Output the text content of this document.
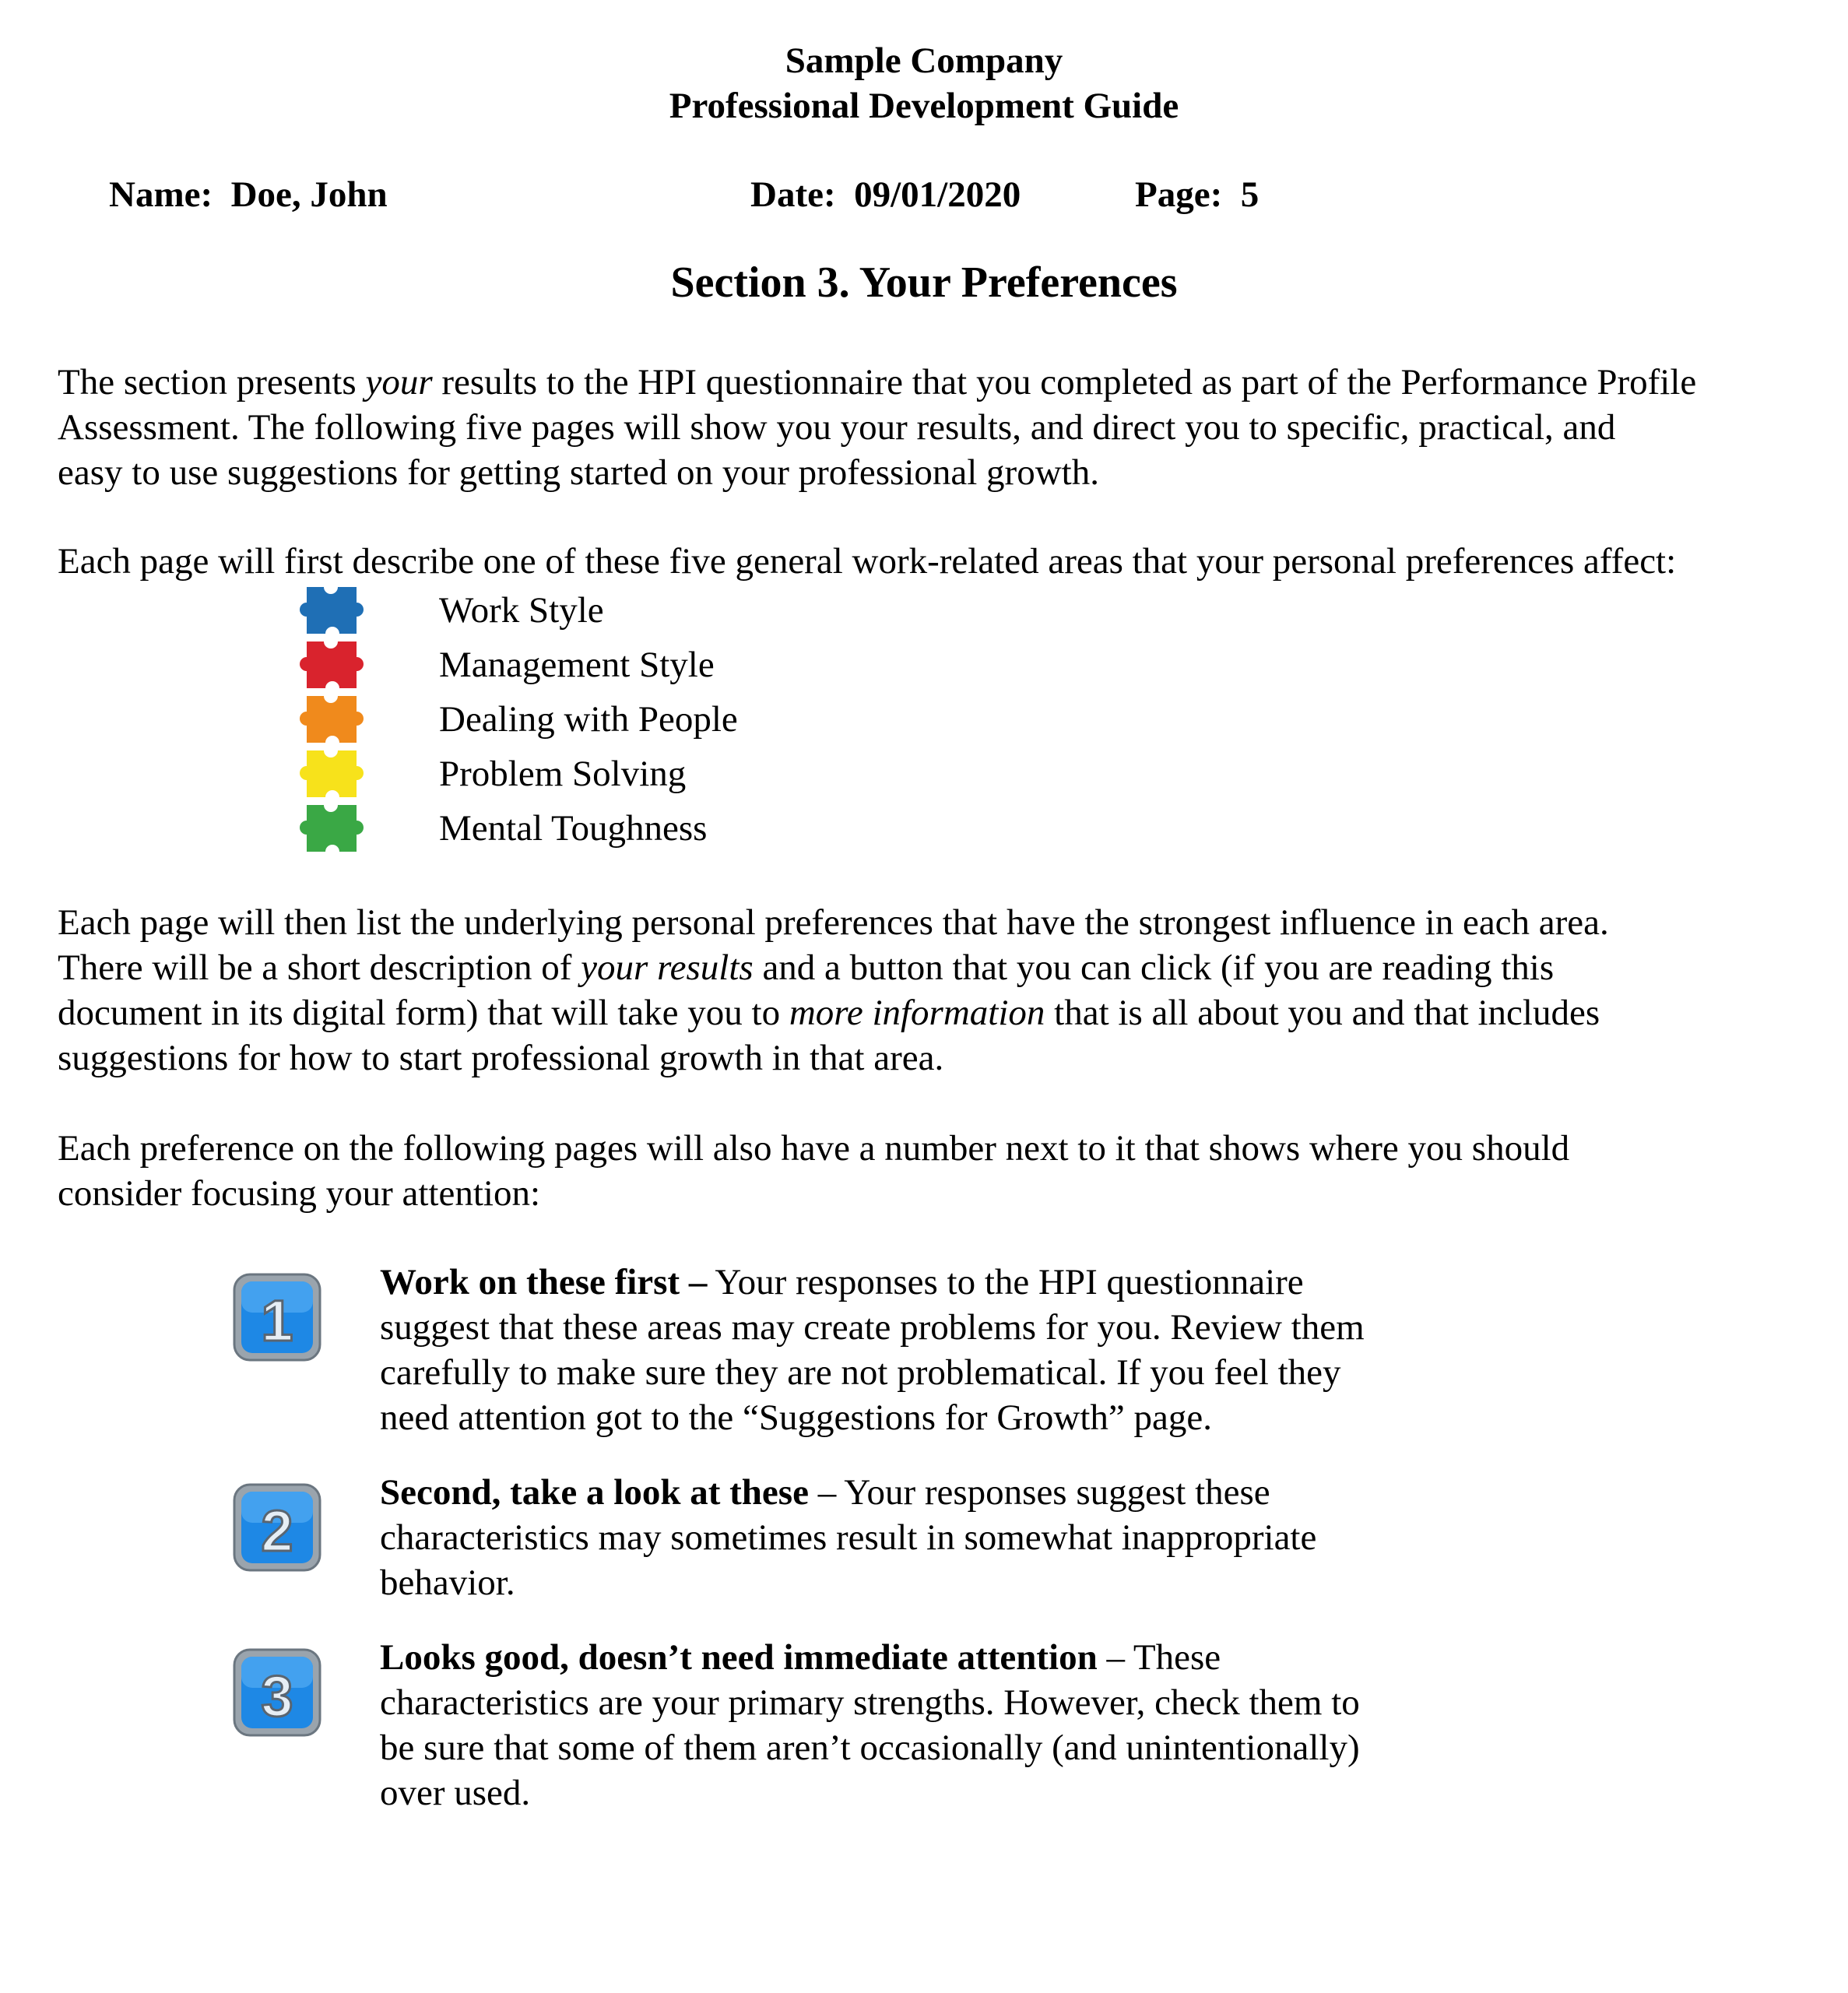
Sample Company
Professional Development Guide
Name: Doe, John	Date: 09/01/2020	Page: 5
Section 3. Your Preferences
The section presents your results to the HPI questionnaire that you completed as part of the Performance Profile
Assessment. The following five pages will show you your results, and direct you to specific, practical, and
easy to use suggestions for getting started on your professional growth.
Each page will first describe one of these five general work-related areas that your personal preferences affect:
Work Style
Management Style
Dealing with People
Problem Solving
Mental Toughness
Each page will then list the underlying personal preferences that have the strongest influence in each area.
There will be a short description of your results and a button that you can click (if you are reading this
document in its digital form) that will take you to more information that is all about you and that includes
suggestions for how to start professional growth in that area.
Each preference on the following pages will also have a number next to it that shows where you should
consider focusing your attention:
1
Work on these first – Your responses to the HPI questionnaire
suggest that these areas may create problems for you. Review them
carefully to make sure they are not problematical. If you feel they
need attention got to the “Suggestions for Growth” page.
2
Second, take a look at these – Your responses suggest these
characteristics may sometimes result in somewhat inappropriate
behavior.
3
Looks good, doesn’t need immediate attention – These
characteristics are your primary strengths. However, check them to
be sure that some of them aren’t occasionally (and unintentionally)
over used.
